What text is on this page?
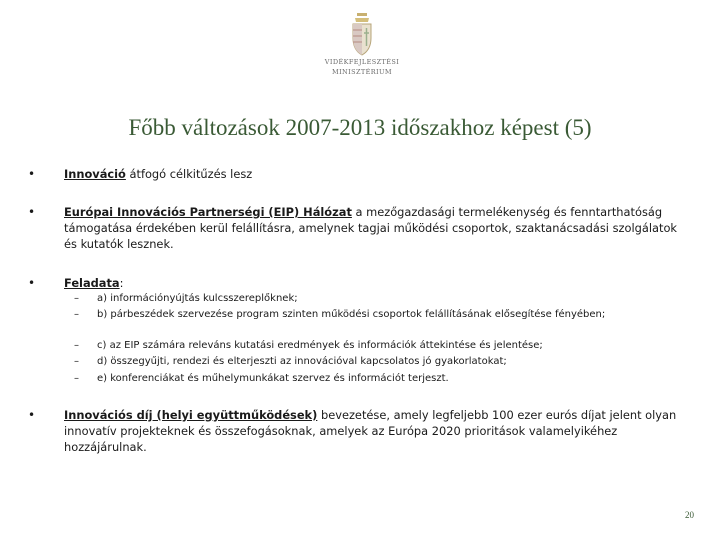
VIDÉKFEJLESZTÉSI
MINISZTÉRIUM
Főbb változások 2007-2013 időszakhoz képest (5)
•	Innováció átfogó célkitűzés lesz
•	Európai Innovációs Partnerségi (EIP) Hálózat a mezőgazdasági termelékenység és fenntarthatóság támogatása érdekében kerül felállításra, amelynek tagjai működési csoportok, szaktanácsadási szolgálatok és kutatók lesznek.
•	Feladata:
– a) információnyújtás kulcsszereplőknek;
– b) párbeszédek szervezése program szinten működési csoportok felállításának elősegítése fényében;
– c) az EIP számára releváns kutatási eredmények és információk áttekintése és jelentése;
– d) összegyűjti, rendezi és elterjeszti az innovációval kapcsolatos jó gyakorlatokat;
– e) konferenciákat és műhelymunkákat szervez és információt terjeszt.
•	Innovációs díj (helyi együttműködések) bevezetése, amely legfeljebb 100 ezer eurós díjat jelent olyan innovatív projekteknek és összefogásoknak, amelyek az Európa 2020 prioritások valamelyikéhez hozzájárulnak.
20
